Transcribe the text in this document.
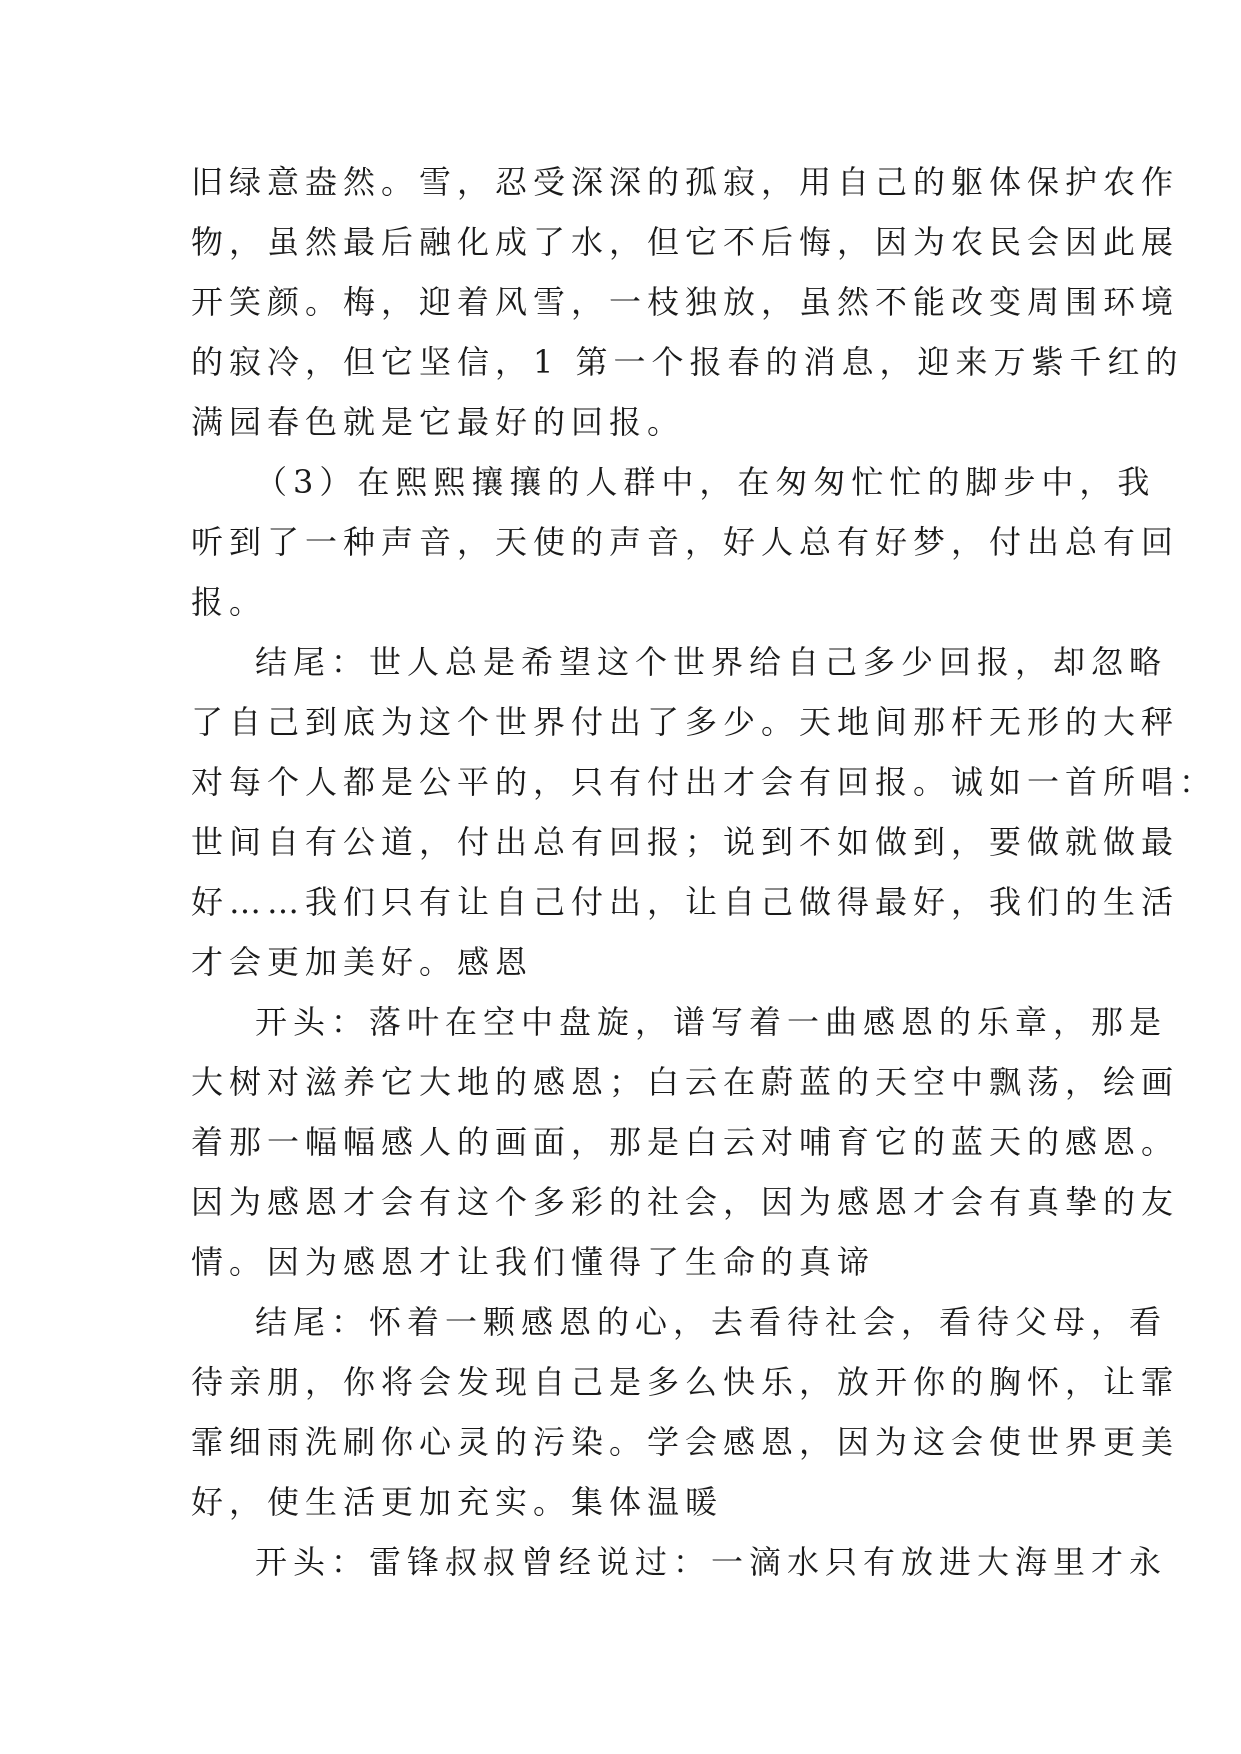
旧绿意盎然。雪，忍受深深的孤寂，用自己的躯体保护农作
物，虽然最后融化成了水，但它不后悔，因为农民会因此展
开笑颜。梅，迎着风雪，一枝独放，虽然不能改变周围环境
的寂冷，但它坚信，1 第一个报春的消息，迎来万紫千红的
满园春色就是它最好的回报。
（3）在熙熙攘攘的人群中，在匆匆忙忙的脚步中，我
听到了一种声音，天使的声音，好人总有好梦，付出总有回
报。
结尾：世人总是希望这个世界给自己多少回报，却忽略
了自己到底为这个世界付出了多少。天地间那杆无形的大秤
对每个人都是公平的，只有付出才会有回报。诚如一首所唱：
世间自有公道，付出总有回报；说到不如做到，要做就做最
好……我们只有让自己付出，让自己做得最好，我们的生活
才会更加美好。感恩
开头：落叶在空中盘旋，谱写着一曲感恩的乐章，那是
大树对滋养它大地的感恩；白云在蔚蓝的天空中飘荡，绘画
着那一幅幅感人的画面，那是白云对哺育它的蓝天的感恩。
因为感恩才会有这个多彩的社会，因为感恩才会有真挚的友
情。因为感恩才让我们懂得了生命的真谛
结尾：怀着一颗感恩的心，去看待社会，看待父母，看
待亲朋，你将会发现自己是多么快乐，放开你的胸怀，让霏
霏细雨洗刷你心灵的污染。学会感恩，因为这会使世界更美
好，使生活更加充实。集体温暖
开头：雷锋叔叔曾经说过：一滴水只有放进大海里才永
